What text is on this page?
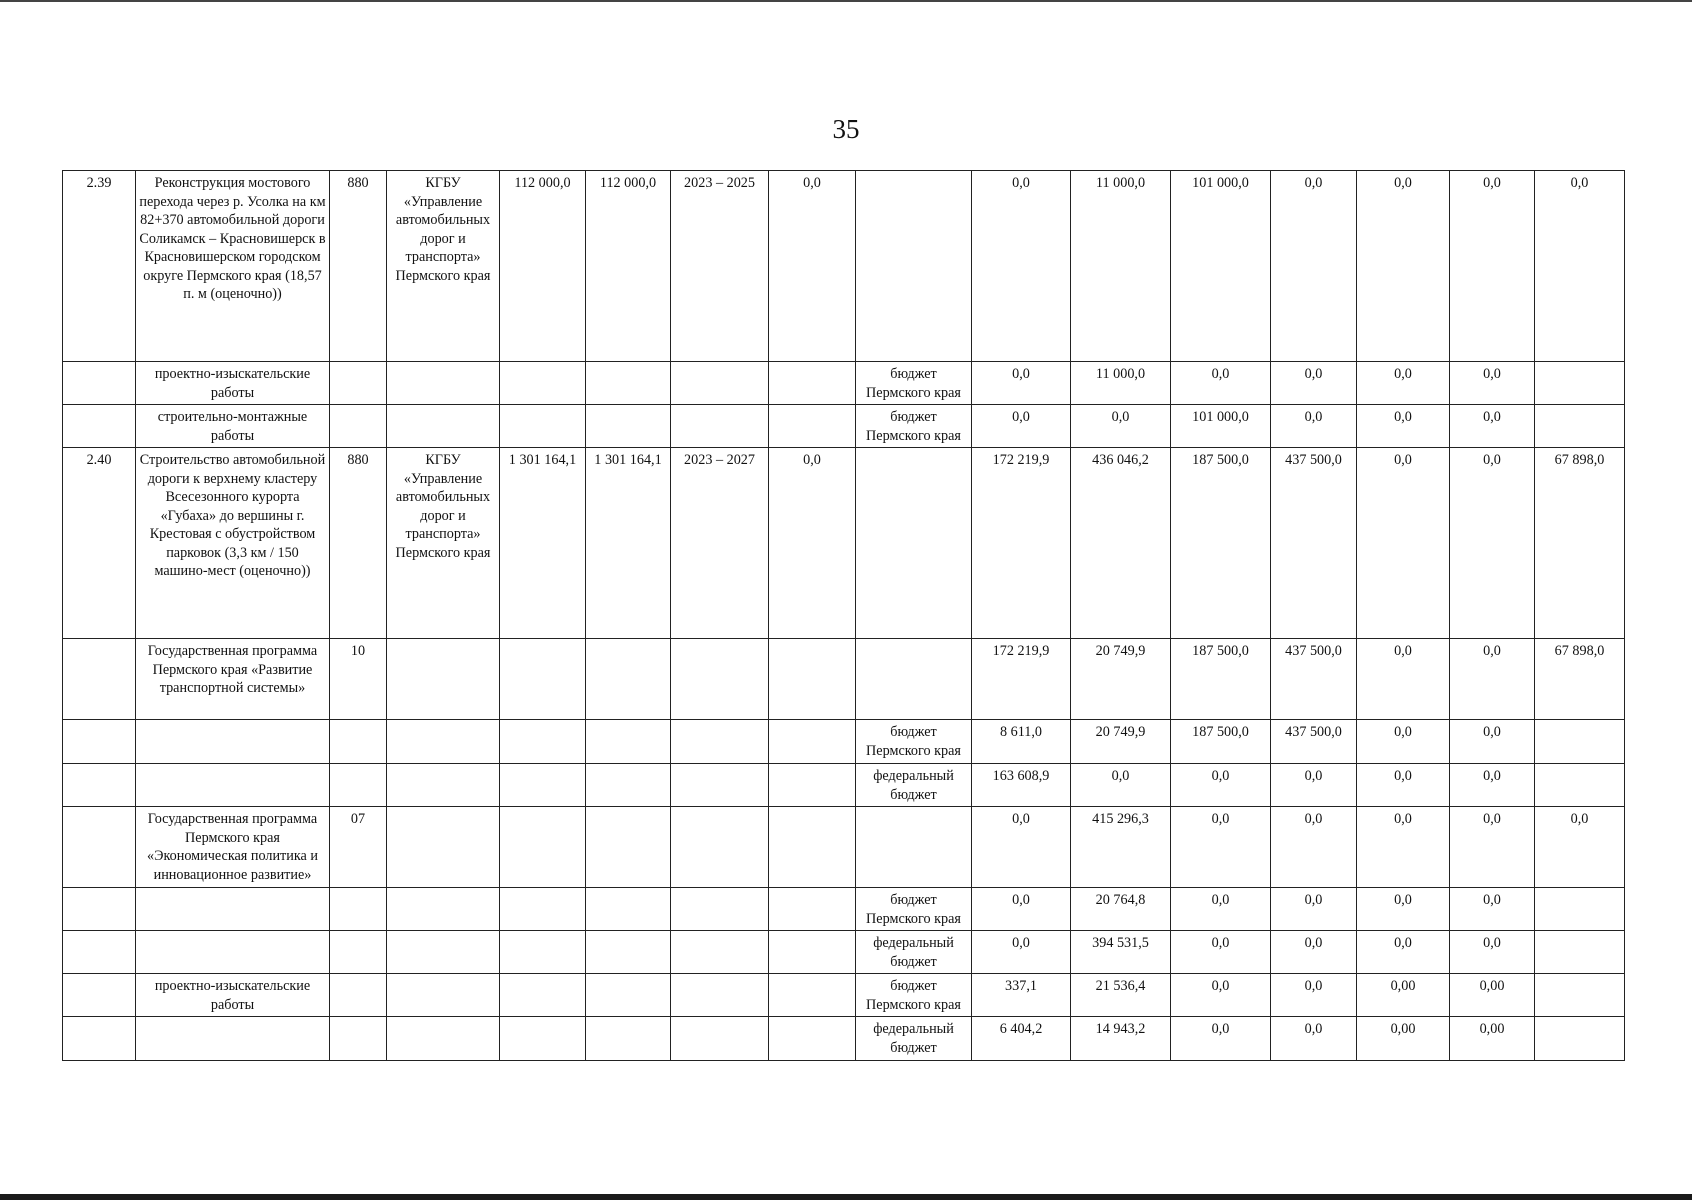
35
2.39	Реконструкция мостового перехода через р. Усолка на км 82+370 автомобильной дороги Соликамск – Красновишерск в Красновишерском городском округе Пермского края (18,57 п. м (оценочно))	880	КГБУ «Управление автомобильных дорог и транспорта» Пермского края	112 000,0	112 000,0	2023 – 2025	0,0		0,0	11 000,0	101 000,0	0,0	0,0	0,0	0,0
	проектно-изыскательские работы							бюджет Пермского края	0,0	11 000,0	0,0	0,0	0,0	0,0	
	строительно-монтажные работы							бюджет Пермского края	0,0	0,0	101 000,0	0,0	0,0	0,0	
2.40	Строительство автомобильной дороги к верхнему кластеру Всесезонного курорта «Губаха» до вершины г. Крестовая с обустройством парковок (3,3 км / 150 машино-мест (оценочно))	880	КГБУ «Управление автомобильных дорог и транспорта» Пермского края	1 301 164,1	1 301 164,1	2023 – 2027	0,0		172 219,9	436 046,2	187 500,0	437 500,0	0,0	0,0	67 898,0
	Государственная программа Пермского края «Развитие транспортной системы»	10							172 219,9	20 749,9	187 500,0	437 500,0	0,0	0,0	67 898,0
								бюджет Пермского края	8 611,0	20 749,9	187 500,0	437 500,0	0,0	0,0	
								федеральный бюджет	163 608,9	0,0	0,0	0,0	0,0	0,0	
	Государственная программа Пермского края «Экономическая политика и инновационное развитие»	07							0,0	415 296,3	0,0	0,0	0,0	0,0	0,0
								бюджет Пермского края	0,0	20 764,8	0,0	0,0	0,0	0,0	
								федеральный бюджет	0,0	394 531,5	0,0	0,0	0,0	0,0	
	проектно-изыскательские работы							бюджет Пермского края	337,1	21 536,4	0,0	0,0	0,00	0,00	
								федеральный бюджет	6 404,2	14 943,2	0,0	0,0	0,00	0,00	
